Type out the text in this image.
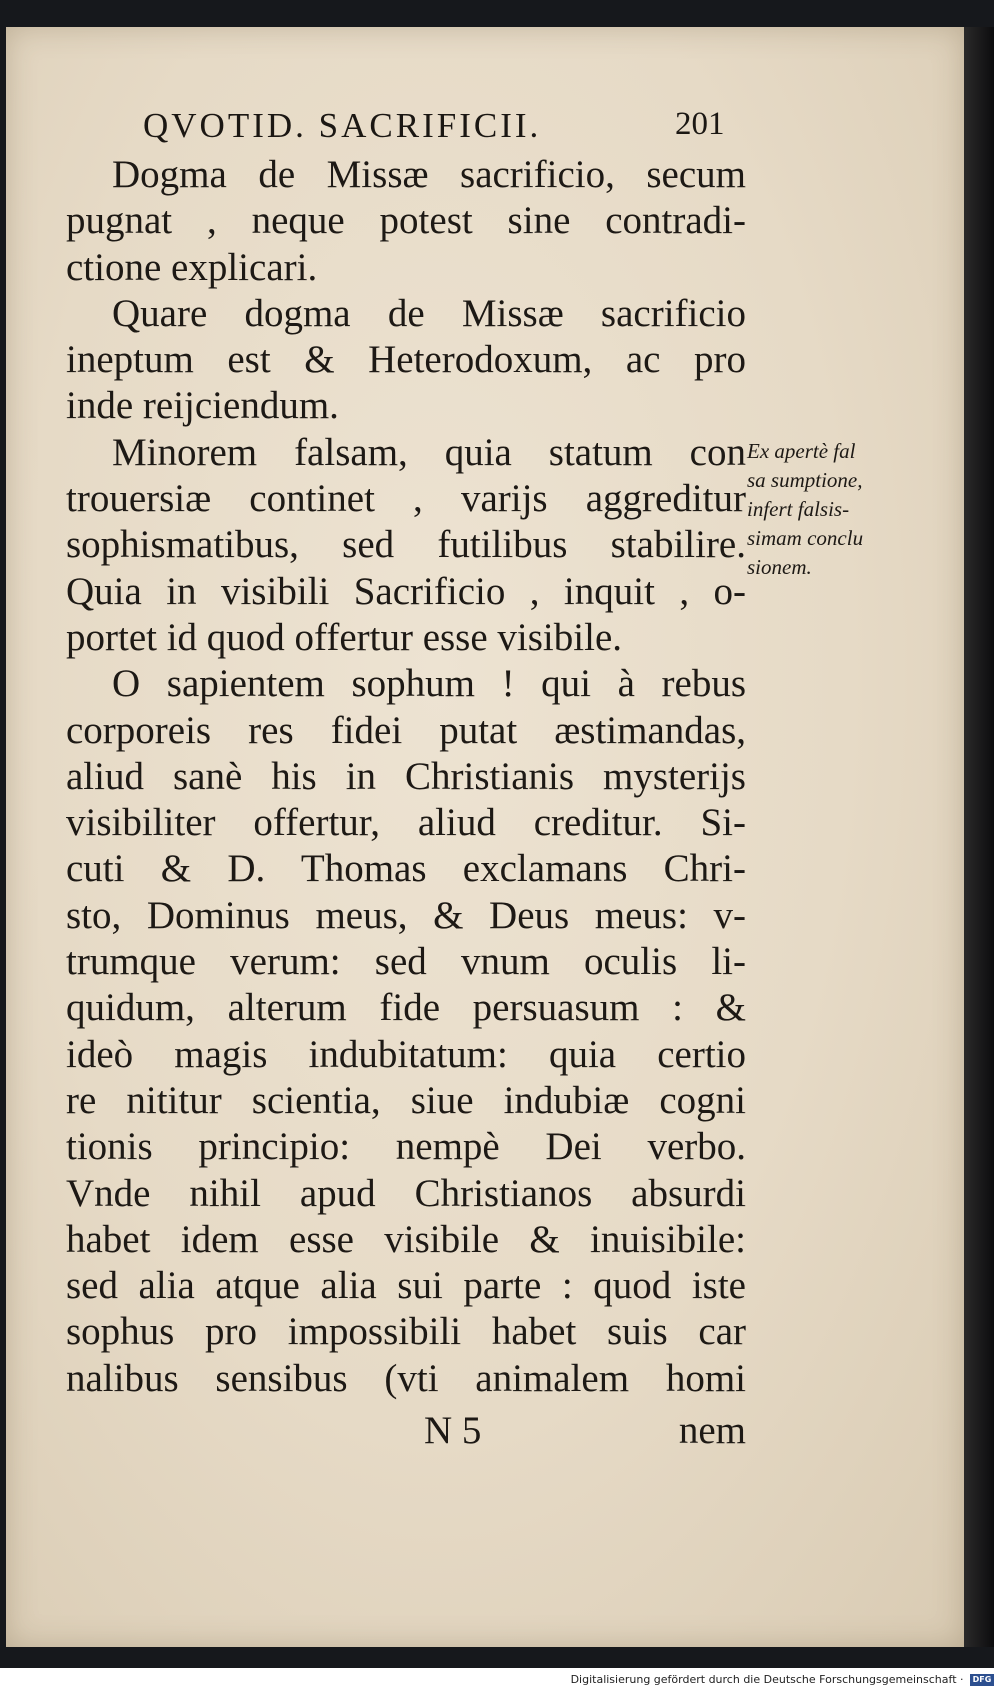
QVOTID. SACRIFICII.	201
Dogma de Missæ sacrificio, secum
pugnat , neque potest sine contradi-
ctione explicari.
Quare dogma de Missæ sacrificio
ineptum est & Heterodoxum, ac pro
inde reijciendum.
Minorem falsam, quia statum con
trouersiæ continet , varijs aggreditur
sophismatibus, sed futilibus stabilire.
Quia in visibili Sacrificio , inquit , o-
portet id quod offertur esse visibile.
O sapientem sophum ! qui à rebus
corporeis res fidei putat æstimandas,
aliud sanè his in Christianis mysterijs
visibiliter offertur, aliud creditur. Si-
cuti & D. Thomas exclamans Chri-
sto, Dominus meus, & Deus meus: v-
trumque verum: sed vnum oculis li-
quidum, alterum fide persuasum : &
ideò magis indubitatum: quia certio
re nititur scientia, siue indubiæ cogni
tionis principio: nempè Dei verbo.
Vnde nihil apud Christianos absurdi
habet idem esse visibile & inuisibile:
sed alia atque alia sui parte : quod iste
sophus pro impossibili habet suis car
nalibus sensibus (vti animalem homi
Ex apertè fal
sa sumptione,
infert falsis-
simam conclu
sionem.
N 5	nem
Digitalisierung gefördert durch die Deutsche Forschungsgemeinschaft · DFG
